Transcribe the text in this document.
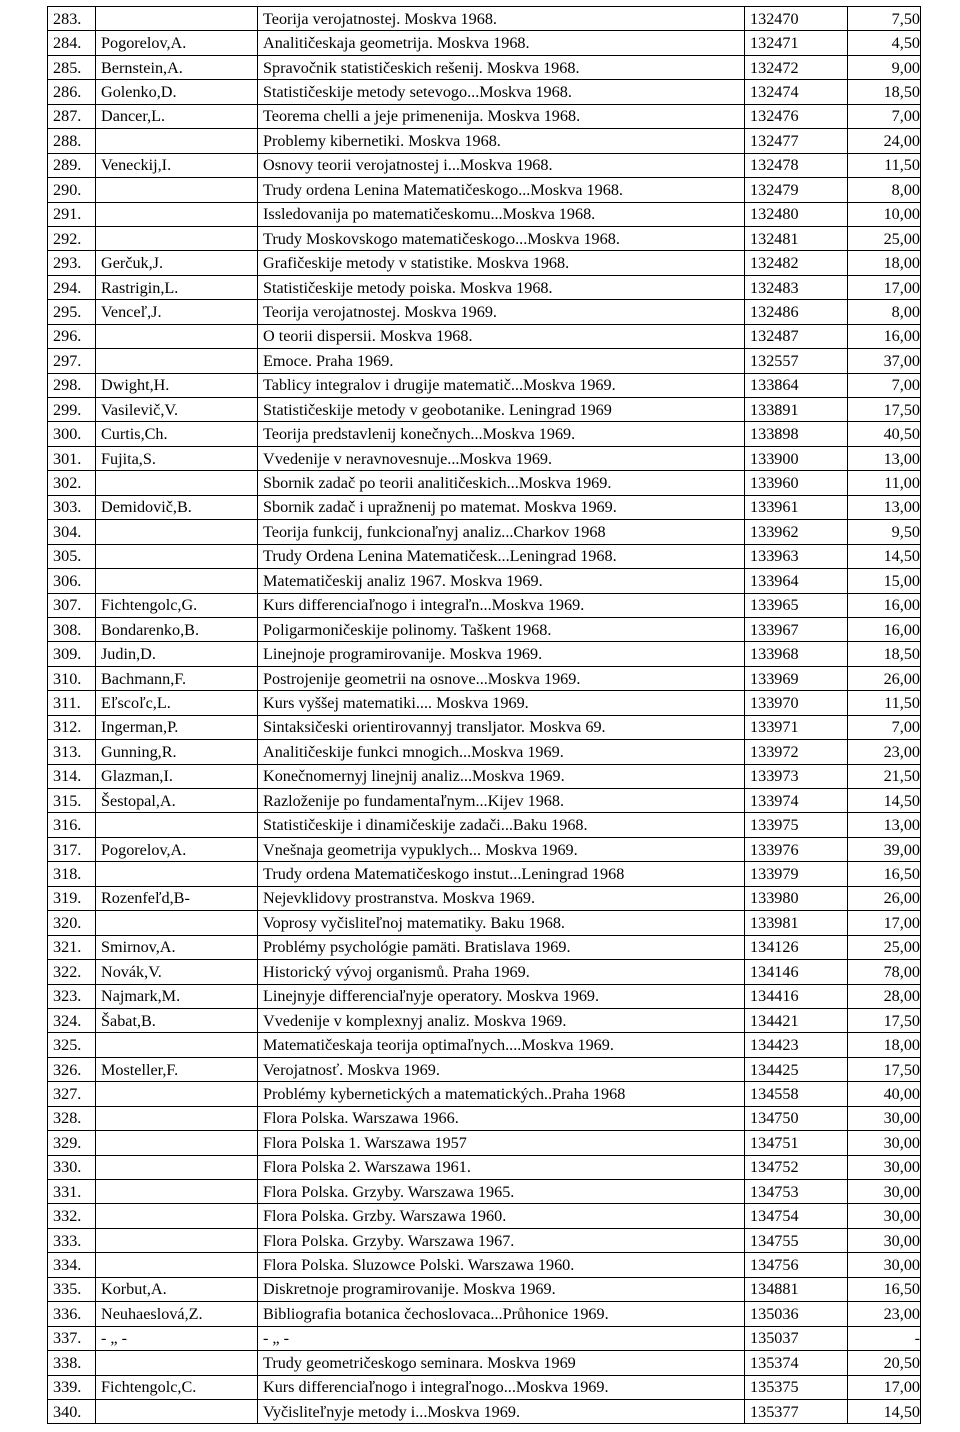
283.		Teorija verojatnostej. Moskva 1968.	132470	7,50
284.	Pogorelov,A.	Analitičeskaja geometrija. Moskva 1968.	132471	4,50
285.	Bernstein,A.	Spravočnik statističeskich rešenij. Moskva 1968.	132472	9,00
286.	Golenko,D.	Statističeskije metody setevogo...Moskva 1968.	132474	18,50
287.	Dancer,L.	Teorema chelli a jeje primenenija. Moskva 1968.	132476	7,00
288.		Problemy kibernetiki. Moskva 1968.	132477	24,00
289.	Veneckij,I.	Osnovy teorii verojatnostej i...Moskva 1968.	132478	11,50
290.		Trudy ordena Lenina Matematičeskogo...Moskva 1968.	132479	8,00
291.		Issledovanija po matematičeskomu...Moskva 1968.	132480	10,00
292.		Trudy Moskovskogo matematičeskogo...Moskva 1968.	132481	25,00
293.	Gerčuk,J.	Grafičeskije metody v statistike. Moskva 1968.	132482	18,00
294.	Rastrigin,L.	Statističeskije metody poiska. Moskva 1968.	132483	17,00
295.	Venceľ,J.	Teorija verojatnostej. Moskva 1969.	132486	8,00
296.		O teorii dispersii. Moskva 1968.	132487	16,00
297.		Emoce. Praha 1969.	132557	37,00
298.	Dwight,H.	Tablicy integralov i drugije matematič...Moskva 1969.	133864	7,00
299.	Vasilevič,V.	Statističeskije metody v geobotanike. Leningrad 1969	133891	17,50
300.	Curtis,Ch.	Teorija predstavlenij konečnych...Moskva 1969.	133898	40,50
301.	Fujita,S.	Vvedenije v neravnovesnuje...Moskva 1969.	133900	13,00
302.		Sbornik zadač po teorii analitičeskich...Moskva 1969.	133960	11,00
303.	Demidovič,B.	Sbornik zadač i upražnenij po matemat. Moskva 1969.	133961	13,00
304.		Teorija funkcij, funkcionaľnyj analiz...Charkov 1968	133962	9,50
305.		Trudy Ordena Lenina Matematičesk...Leningrad 1968.	133963	14,50
306.		Matematičeskij analiz 1967. Moskva 1969.	133964	15,00
307.	Fichtengolc,G.	Kurs differenciaľnogo i integraľn...Moskva 1969.	133965	16,00
308.	Bondarenko,B.	Poligarmoničeskije polinomy. Taškent 1968.	133967	16,00
309.	Judin,D.	Linejnoje programirovanije. Moskva 1969.	133968	18,50
310.	Bachmann,F.	Postrojenije geometrii na osnove...Moskva 1969.	133969	26,00
311.	Eľscoľc,L.	Kurs vyššej matematiki.... Moskva 1969.	133970	11,50
312.	Ingerman,P.	Sintaksičeski orientirovannyj transljator. Moskva 69.	133971	7,00
313.	Gunning,R.	Analitičeskije funkci mnogich...Moskva 1969.	133972	23,00
314.	Glazman,I.	Konečnomernyj linejnij analiz...Moskva 1969.	133973	21,50
315.	Šestopal,A.	Razloženije po fundamentaľnym...Kijev 1968.	133974	14,50
316.		Statističeskije i dinamičeskije zadači...Baku 1968.	133975	13,00
317.	Pogorelov,A.	Vnešnaja geometrija vypuklych... Moskva 1969.	133976	39,00
318.		Trudy ordena Matematičeskogo instut...Leningrad 1968	133979	16,50
319.	Rozenfeľd,B-	Nejevklidovy prostranstva. Moskva 1969.	133980	26,00
320.		Voprosy vyčisliteľnoj matematiky. Baku 1968.	133981	17,00
321.	Smirnov,A.	Problémy psychológie pamäti. Bratislava 1969.	134126	25,00
322.	Novák,V.	Historický vývoj organismů. Praha 1969.	134146	78,00
323.	Najmark,M.	Linejnyje differenciaľnyje operatory. Moskva 1969.	134416	28,00
324.	Šabat,B.	Vvedenije v komplexnyj analiz. Moskva 1969.	134421	17,50
325.		Matematičeskaja teorija optimaľnych....Moskva 1969.	134423	18,00
326.	Mosteller,F.	Verojatnosť. Moskva 1969.	134425	17,50
327.		Problémy kybernetických a matematických..Praha 1968	134558	40,00
328.		Flora Polska. Warszawa 1966.	134750	30,00
329.		Flora Polska 1. Warszawa 1957	134751	30,00
330.		Flora Polska 2. Warszawa 1961.	134752	30,00
331.		Flora Polska. Grzyby. Warszawa 1965.	134753	30,00
332.		Flora Polska. Grzby. Warszawa 1960.	134754	30,00
333.		Flora Polska. Grzyby. Warszawa 1967.	134755	30,00
334.		Flora Polska. Sluzowce Polski. Warszawa 1960.	134756	30,00
335.	Korbut,A.	Diskretnoje programirovanije. Moskva 1969.	134881	16,50
336.	Neuhaeslová,Z.	Bibliografia botanica čechoslovaca...Průhonice 1969.	135036	23,00
337.	- „ -	- „ -	135037	-
338.		Trudy geometričeskogo seminara. Moskva 1969	135374	20,50
339.	Fichtengolc,C.	Kurs differenciaľnogo i integraľnogo...Moskva 1969.	135375	17,00
340.		Vyčisliteľnyje metody i...Moskva 1969.	135377	14,50
